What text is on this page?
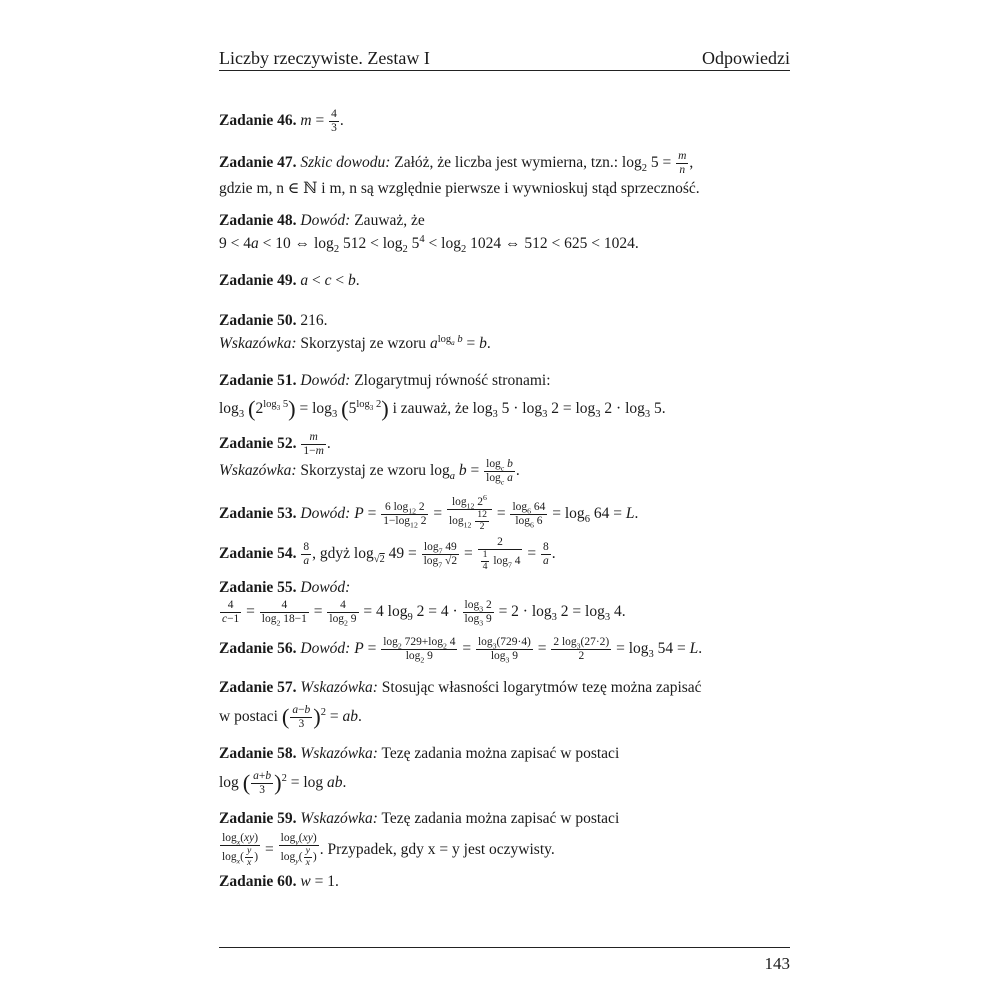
Liczby rzeczywiste. Zestaw I	Odpowiedzi
Zadanie 46. $m = \frac{4}{3}$ .
Zadanie 47. Szkic dowodu: Załóż, że liczba jest wymierna, tzn.: $\log_2 5 = \frac{m}{n}$ ,
gdzie m, n ∈ ℕ i m, n są względnie pierwsze i wywnioskuj stąd sprzeczność.
Zadanie 48. Dowód: Zauważ, że
9 < 4a < 10 ⇔ $\log_2 512 < \log_2 5^4 < \log_2 1024$ ⇔ 512 < 625 < 1024.
Zadanie 49. a < c < b.
Zadanie 50. 216.
Wskazówka: Skorzystaj ze wzoru $a^{log_a b} = b$.
Zadanie 51. Dowód: Zlogarytmuj równość stronami:
$\log_3 (2^{log_3 5}) = \log_3 (5^{log_3 2})$ i zauważ, że $\log_3 5 \cdot \log_3 2 = \log_3 2 \cdot \log_3 5$.
Zadanie 52. $\frac{m}{1-m}$ .
Wskazówka: Skorzystaj ze wzoru $\log_a b = \frac{\log_c b}{\log_c a}$ .
Zadanie 53. Dowód: $P = \frac{6 \log_{12} 2}{1-\log_{12} 2} = \frac{\log_{12} 2^6}{\log_{12} \frac{12}{2}} = \frac{\log_6 64}{\log_6 6} = \log_6 64 = L$.
Zadanie 54. $\frac{8}{a}$ , gdyż $\log_{√2} 49 = \frac{\log_7 49}{\log_7 √2} = \frac{2}{\frac{1}{4} \log_7 4} = \frac{8}{a}$ .
Zadanie 55. Dowód:
$\frac{4}{c-1} = \frac{4}{\log_2 18-1} = \frac{4}{\log_2 9} = 4$ $\log_9 2 = 4 \cdot \frac{\log_3 2}{\log_3 9} = 2 \cdot \log_3 2 = \log_3 4$.
Zadanie 56. Dowód: $P = \frac{\log_2 729+\log_2 4}{\log_2 9} = \frac{\log_3(729\cdot 4)}{\log_3 9} = \frac{2 \log_3(27\cdot 2)}{2} = \log_3 54 = L$.
Zadanie 57. Wskazówka: Stosując własności logarytmów tezę można zapisać
w postaci ( $\frac{a-b}{3} )^2$ = ab.
Zadanie 58. Wskazówka: Tezę zadania można zapisać w postaci
log ( $\frac{a+b}{3} )^2 = \log$ ab.
Zadanie 59. Wskazówka: Tezę zadania można zapisać w postaci
$\frac{\log_x(xy)}{\log_x( \frac{y}{x} )} = \frac{\log_y(xy)}{\log_y( \frac{y}{x} )}$ . Przypadek, gdy x = y jest oczywisty.
Zadanie 60. w = 1.
143
